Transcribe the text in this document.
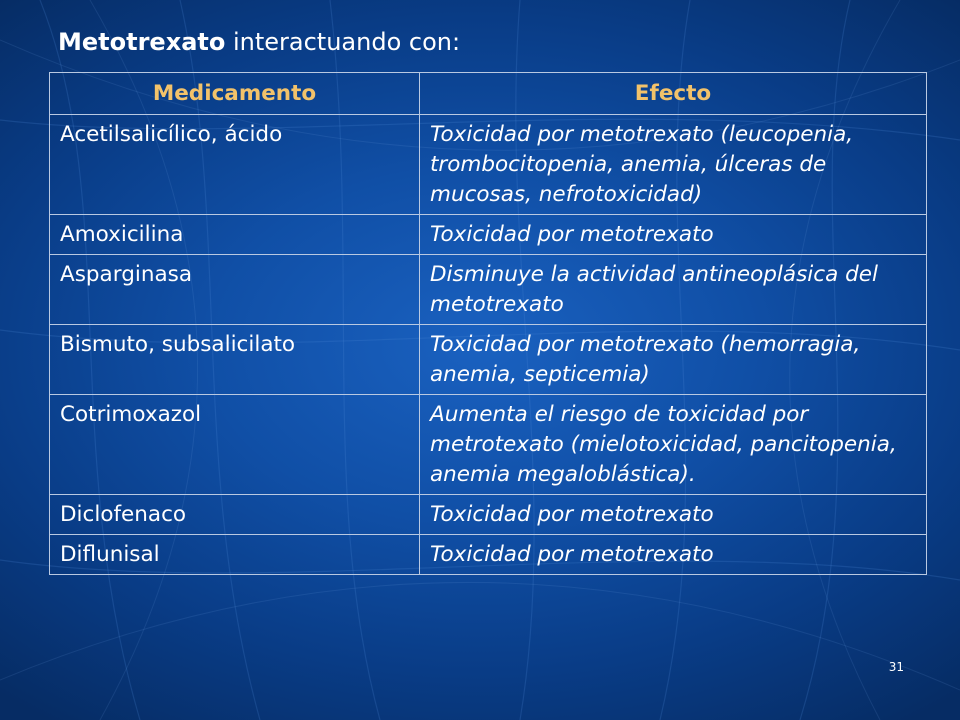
Metotrexato interactuando con:
Medicamento	Efecto
Acetilsalicílico, ácido	Toxicidad por metotrexato (leucopenia, trombocitopenia, anemia, úlceras de mucosas, nefrotoxicidad)
Amoxicilina	Toxicidad por metotrexato
Asparginasa	Disminuye la actividad antineoplásica del metotrexato
Bismuto, subsalicilato	Toxicidad por metotrexato (hemorragia, anemia, septicemia)
Cotrimoxazol	Aumenta el riesgo de toxicidad por metrotexato (mielotoxicidad, pancitopenia, anemia megaloblástica).
Diclofenaco	Toxicidad por metotrexato
Diflunisal	Toxicidad por metotrexato
31
